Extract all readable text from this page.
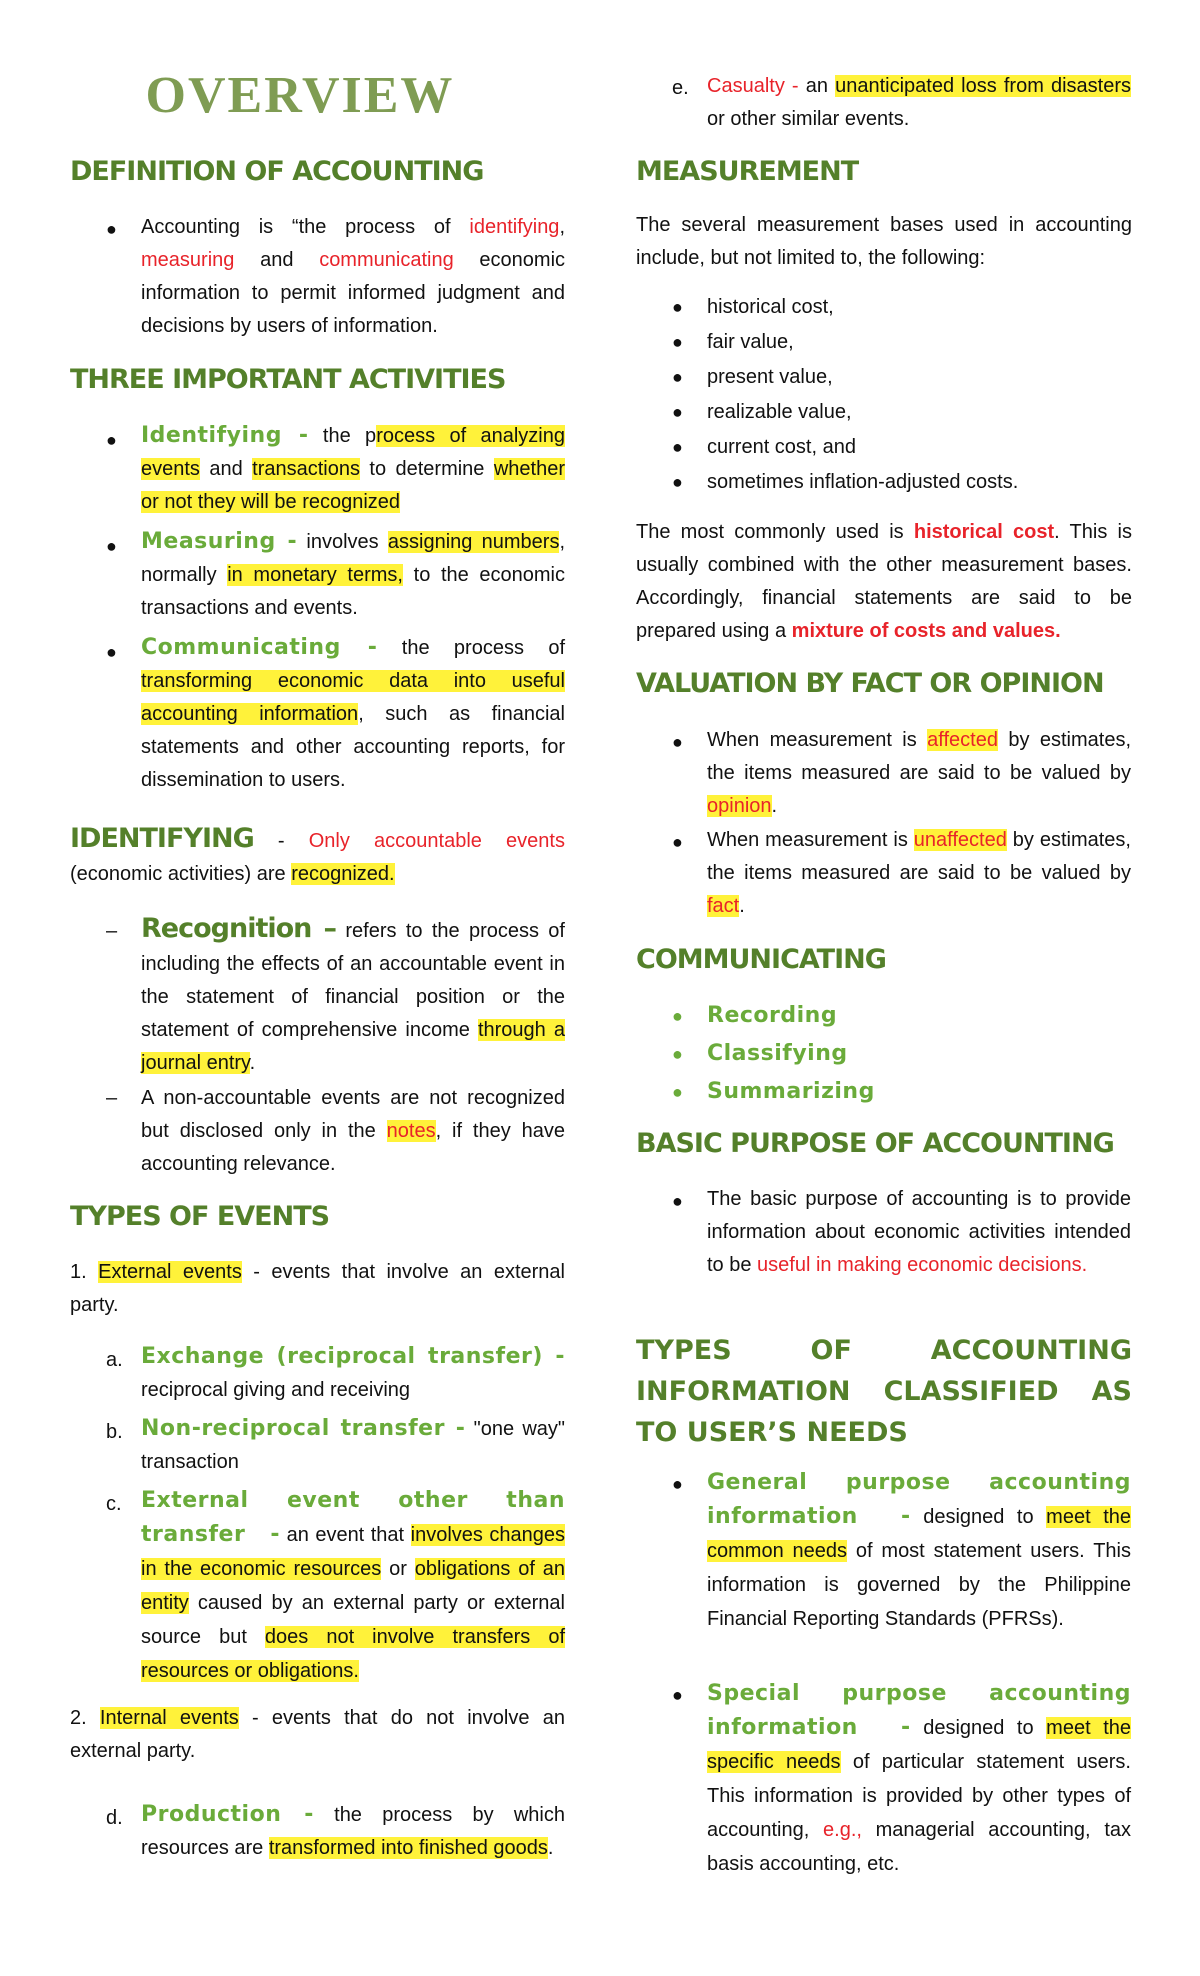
OVERVIEW
DEFINITION OF ACCOUNTING
● Accounting is “the process of identifying, measuring and communicating economic information to permit informed judgment and decisions by users of information.
THREE IMPORTANT ACTIVITIES
● Identifying - the process of analyzing events and transactions to determine whether or not they will be recognized
● Measuring - involves assigning numbers, normally in monetary terms, to the economic transactions and events.
● Communicating - the process of transforming economic data into useful accounting information, such as financial statements and other accounting reports, for dissemination to users.
IDENTIFYING - Only accountable events (economic activities) are recognized.
– Recognition – refers to the process of including the effects of an accountable event in the statement of financial position or the statement of comprehensive income through a journal entry.
– A non-accountable events are not recognized but disclosed only in the notes, if they have accounting relevance.
TYPES OF EVENTS
1. External events - events that involve an external party.
a. Exchange (reciprocal transfer) - reciprocal giving and receiving
b. Non-reciprocal transfer - "one way" transaction
c. External event other than transfer - an event that involves changes in the economic resources or obligations of an entity caused by an external party or external source but does not involve transfers of resources or obligations.
2. Internal events - events that do not involve an external party.
d. Production - the process by which resources are transformed into finished goods.
e. Casualty - an unanticipated loss from disasters or other similar events.
MEASUREMENT
The several measurement bases used in accounting include, but not limited to, the following:
● historical cost,
● fair value,
● present value,
● realizable value,
● current cost, and
● sometimes inflation-adjusted costs.
The most commonly used is historical cost. This is usually combined with the other measurement bases. Accordingly, financial statements are said to be prepared using a mixture of costs and values.
VALUATION BY FACT OR OPINION
● When measurement is affected by estimates, the items measured are said to be valued by opinion.
● When measurement is unaffected by estimates, the items measured are said to be valued by fact.
COMMUNICATING
● Recording
● Classifying
● Summarizing
BASIC PURPOSE OF ACCOUNTING
● The basic purpose of accounting is to provide information about economic activities intended to be useful in making economic decisions.
TYPES OF ACCOUNTING INFORMATION CLASSIFIED AS TO USER’S NEEDS
● General purpose accounting information - designed to meet the common needs of most statement users. This information is governed by the Philippine Financial Reporting Standards (PFRSs).
● Special purpose accounting information - designed to meet the specific needs of particular statement users. This information is provided by other types of accounting, e.g., managerial accounting, tax basis accounting, etc.
